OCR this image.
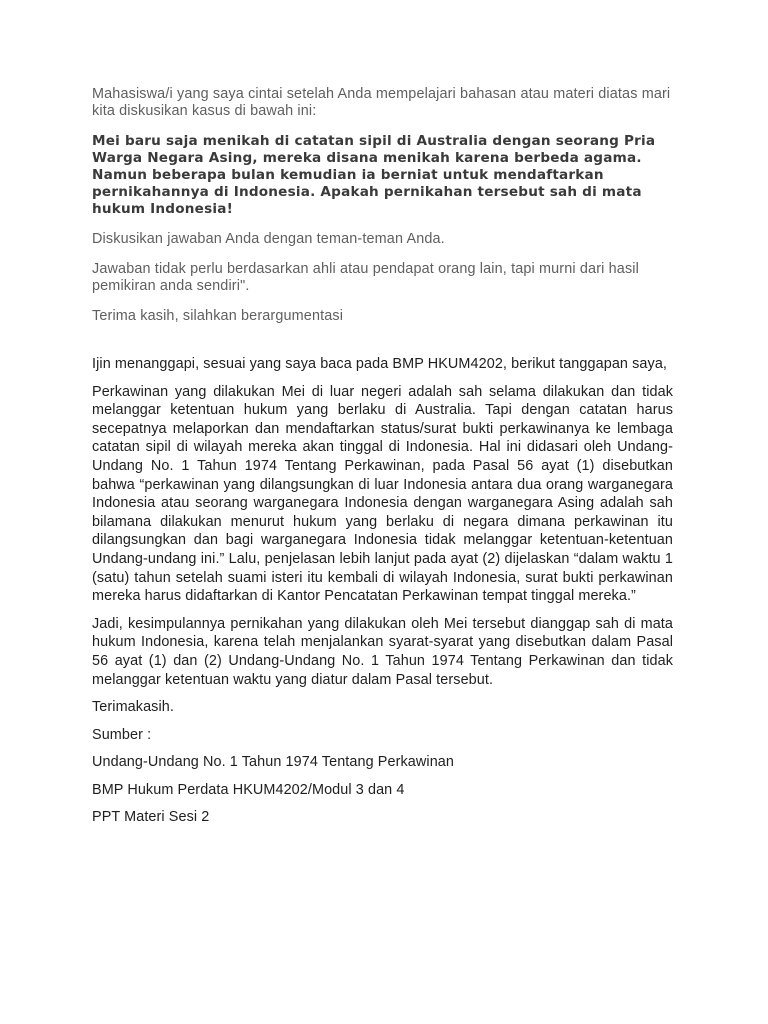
Mahasiswa/i yang saya cintai setelah Anda mempelajari bahasan atau materi diatas mari kita diskusikan kasus di bawah ini:

Mei baru saja menikah di catatan sipil di Australia dengan seorang Pria Warga Negara Asing, mereka disana menikah karena berbeda agama. Namun beberapa bulan kemudian ia berniat untuk mendaftarkan pernikahannya di Indonesia. Apakah pernikahan tersebut sah di mata hukum Indonesia!

Diskusikan jawaban Anda dengan teman-teman Anda.

Jawaban tidak perlu berdasarkan ahli atau pendapat orang lain, tapi murni dari hasil pemikiran anda sendiri".

Terima kasih, silahkan berargumentasi

Ijin menanggapi, sesuai yang saya baca pada BMP HKUM4202, berikut tanggapan saya,

Perkawinan yang dilakukan Mei di luar negeri adalah sah selama dilakukan dan tidak melanggar ketentuan hukum yang berlaku di Australia. Tapi dengan catatan harus secepatnya melaporkan dan mendaftarkan status/surat bukti perkawinanya ke lembaga catatan sipil di wilayah mereka akan tinggal di Indonesia. Hal ini didasari oleh Undang-Undang No. 1 Tahun 1974 Tentang Perkawinan, pada Pasal 56 ayat (1) disebutkan bahwa “perkawinan yang dilangsungkan di luar Indonesia antara dua orang warganegara Indonesia atau seorang warganegara Indonesia dengan warganegara Asing adalah sah bilamana dilakukan menurut hukum yang berlaku di negara dimana perkawinan itu dilangsungkan dan bagi warganegara Indonesia tidak melanggar ketentuan-ketentuan Undang-undang ini.” Lalu, penjelasan lebih lanjut pada ayat (2) dijelaskan “dalam waktu 1 (satu) tahun setelah suami isteri itu kembali di wilayah Indonesia, surat bukti perkawinan mereka harus didaftarkan di Kantor Pencatatan Perkawinan tempat tinggal mereka.”

Jadi, kesimpulannya pernikahan yang dilakukan oleh Mei tersebut dianggap sah di mata hukum Indonesia, karena telah menjalankan syarat-syarat yang disebutkan dalam Pasal 56 ayat (1) dan (2) Undang-Undang No. 1 Tahun 1974 Tentang Perkawinan dan tidak melanggar ketentuan waktu yang diatur dalam Pasal tersebut.

Terimakasih.

Sumber :

Undang-Undang No. 1 Tahun 1974 Tentang Perkawinan

BMP Hukum Perdata HKUM4202/Modul 3 dan 4

PPT Materi Sesi 2
